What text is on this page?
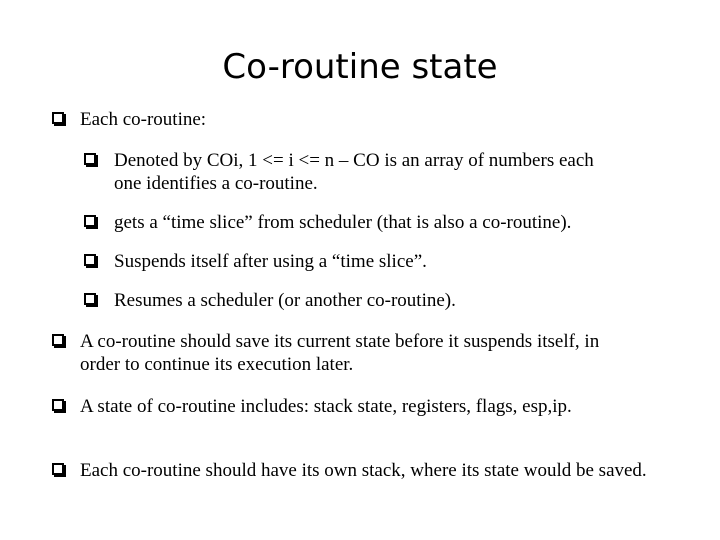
Co-routine state
Each co-routine:
Denoted by COi, 1 <= i <= n – CO is an array of numbers each one identifies a co-routine.
gets a “time slice” from scheduler (that is also a co-routine).
Suspends itself after using a “time slice”.
Resumes a scheduler (or another co-routine).
A co-routine should save its current state before it suspends itself, in order to continue its execution later.
A state of co-routine includes: stack state, registers, flags, esp,ip.
Each co-routine should have its own stack, where its state would be saved.
